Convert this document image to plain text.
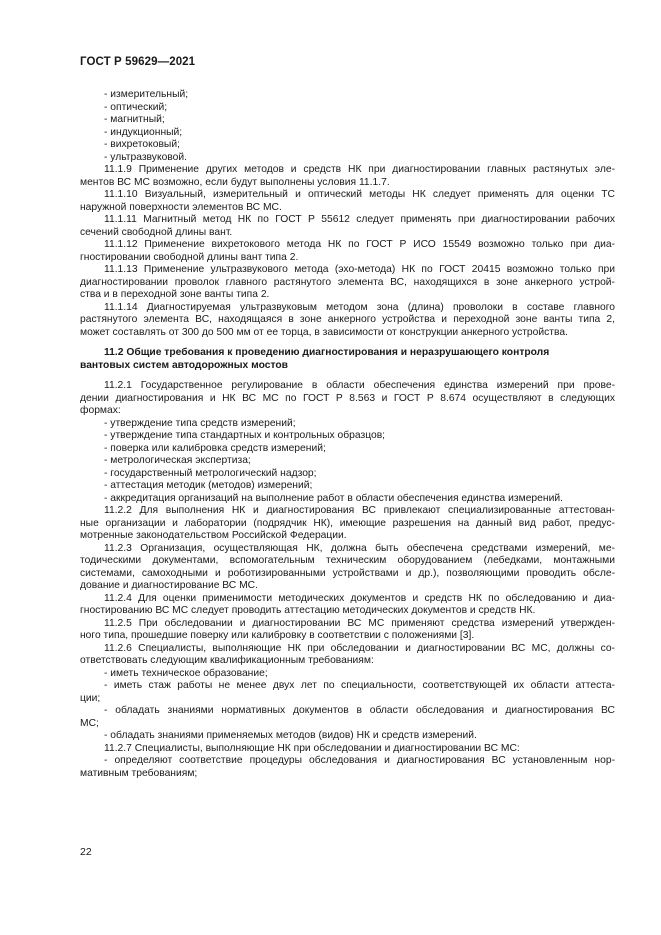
ГОСТ Р 59629—2021
- измерительный;
- оптический;
- магнитный;
- индукционный;
- вихретоковый;
- ультразвуковой.
11.1.9 Применение других методов и средств НК при диагностировании главных растянутых эле-
ментов ВС МС возможно, если будут выполнены условия 11.1.7.
11.1.10 Визуальный, измерительный и оптический методы НК следует применять для оценки ТС
наружной поверхности элементов ВС МС.
11.1.11 Магнитный метод НК по ГОСТ Р 55612 следует применять при диагностировании рабочих
сечений свободной длины вант.
11.1.12 Применение вихретокового метода НК по ГОСТ Р ИСО 15549 возможно только при диа-
гностировании свободной длины вант типа 2.
11.1.13 Применение ультразвукового метода (эхо-метода) НК по ГОСТ 20415 возможно только при
диагностировании проволок главного растянутого элемента ВС, находящихся в зоне анкерного устрой-
ства и в переходной зоне ванты типа 2.
11.1.14 Диагностируемая ультразвуковым методом зона (длина) проволоки в составе главного
растянутого элемента ВС, находящаяся в зоне анкерного устройства и переходной зоне ванты типа 2,
может составлять от 300 до 500 мм от ее торца, в зависимости от конструкции анкерного устройства.
11.2 Общие требования к проведению диагностирования и неразрушающего контроля
вантовых систем автодорожных мостов
11.2.1 Государственное регулирование в области обеспечения единства измерений при прове-
дении диагностирования и НК ВС МС по ГОСТ Р 8.563 и ГОСТ Р 8.674 осуществляют в следующих
формах:
- утверждение типа средств измерений;
- утверждение типа стандартных и контрольных образцов;
- поверка или калибровка средств измерений;
- метрологическая экспертиза;
- государственный метрологический надзор;
- аттестация методик (методов) измерений;
- аккредитация организаций на выполнение работ в области обеспечения единства измерений.
11.2.2 Для выполнения НК и диагностирования ВС привлекают специализированные аттестован-
ные организации и лаборатории (подрядчик НК), имеющие разрешения на данный вид работ, предус-
мотренные законодательством Российской Федерации.
11.2.3 Организация, осуществляющая НК, должна быть обеспечена средствами измерений, ме-
тодическими документами, вспомогательным техническим оборудованием (лебедками, монтажными
системами, самоходными и роботизированными устройствами и др.), позволяющими проводить обсле-
дование и диагностирование ВС МС.
11.2.4 Для оценки применимости методических документов и средств НК по обследованию и диа-
гностированию ВС МС следует проводить аттестацию методических документов и средств НК.
11.2.5 При обследовании и диагностировании ВС МС применяют средства измерений утвержден-
ного типа, прошедшие поверку или калибровку в соответствии с положениями [3].
11.2.6 Специалисты, выполняющие НК при обследовании и диагностировании ВС МС, должны со-
ответствовать следующим квалификационным требованиям:
- иметь техническое образование;
- иметь стаж работы не менее двух лет по специальности, соответствующей их области аттеста-
ции;
- обладать знаниями нормативных документов в области обследования и диагностирования ВС
МС;
- обладать знаниями применяемых методов (видов) НК и средств измерений.
11.2.7 Специалисты, выполняющие НК при обследовании и диагностировании ВС МС:
- определяют соответствие процедуры обследования и диагностирования ВС установленным нор-
мативным требованиям;
22
